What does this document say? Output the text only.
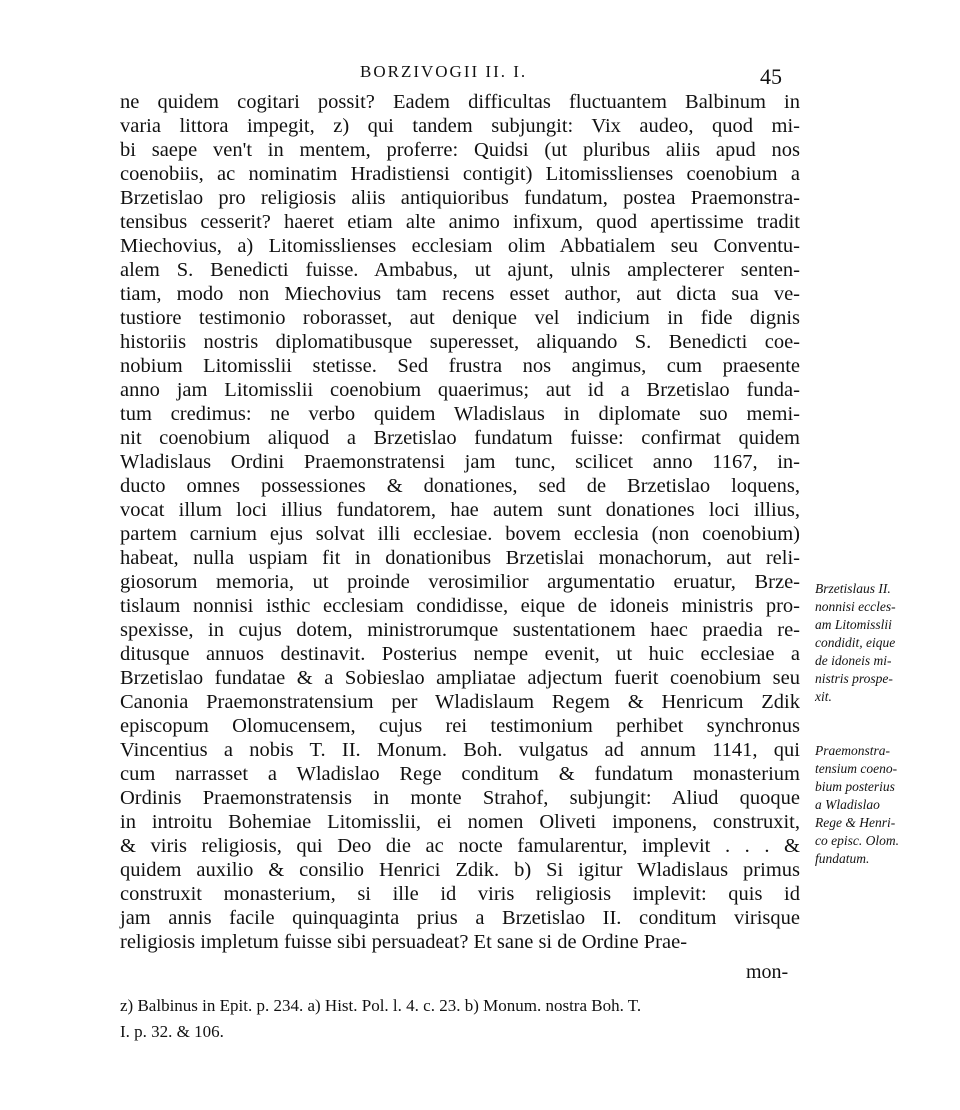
BORZIVOGII II. I.	45
ne quidem cogitari possit? Eadem difficultas fluctuantem Balbinum in
varia littora impegit, z) qui tandem subjungit: Vix audeo, quod mi-
bi saepe ven't in mentem, proferre: Quidsi (ut pluribus aliis apud nos
coenobiis, ac nominatim Hradistiensi contigit) Litomisslienses coenobium a
Brzetislao pro religiosis aliis antiquioribus fundatum, postea Praemonstra-
tensibus cesserit? haeret etiam alte animo infixum, quod apertissime tradit
Miechovius, a) Litomisslienses ecclesiam olim Abbatialem seu Conventu-
alem S. Benedicti fuisse. Ambabus, ut ajunt, ulnis amplecterer senten-
tiam, modo non Miechovius tam recens esset author, aut dicta sua ve-
tustiore testimonio roborasset, aut denique vel indicium in fide dignis
historiis nostris diplomatibusque superesset, aliquando S. Benedicti coe-
nobium Litomisslii stetisse. Sed frustra nos angimus, cum praesente
anno jam Litomisslii coenobium quaerimus; aut id a Brzetislao funda-
tum credimus: ne verbo quidem Wladislaus in diplomate suo memi-
nit coenobium aliquod a Brzetislao fundatum fuisse: confirmat quidem
Wladislaus Ordini Praemonstratensi jam tunc, scilicet anno 1167, in-
ducto omnes possessiones & donationes, sed de Brzetislao loquens,
vocat illum loci illius fundatorem, hae autem sunt donationes loci illius,
partem carnium ejus solvat illi ecclesiae. bovem ecclesia (non coenobium)
habeat, nulla uspiam fit in donationibus Brzetislai monachorum, aut reli-
giosorum memoria, ut proinde verosimilior argumentatio eruatur, Brze-
tislaum nonnisi isthic ecclesiam condidisse, eique de idoneis ministris pro-
spexisse, in cujus dotem, ministrorumque sustentationem haec praedia re-
ditusque annuos destinavit. Posterius nempe evenit, ut huic ecclesiae a
Brzetislao fundatae & a Sobieslao ampliatae adjectum fuerit coenobium seu
Canonia Praemonstratensium per Wladislaum Regem & Henricum Zdik
episcopum Olomucensem, cujus rei testimonium perhibet synchronus
Vincentius a nobis T. II. Monum. Boh. vulgatus ad annum 1141, qui
cum narrasset a Wladislao Rege conditum & fundatum monasterium
Ordinis Praemonstratensis in monte Strahof, subjungit: Aliud quoque
in introitu Bohemiae Litomisslii, ei nomen Oliveti imponens, construxit,
& viris religiosis, qui Deo die ac nocte famularentur, implevit . . . &
quidem auxilio & consilio Henrici Zdik. b) Si igitur Wladislaus primus
construxit monasterium, si ille id viris religiosis implevit: quis id
jam annis facile quinquaginta prius a Brzetislao II. conditum virisque
religiosis impletum fuisse sibi persuadeat? Et sane si de Ordine Prae-
mon-
Brzetislaus II.
nonnisi eccles-
am Litomisslii
condidit, eique
de idoneis mi-
nistris prospe-
xit.
Praemonstra-
tensium coeno-
bium posterius
a Wladislao
Rege & Henri-
co episc. Olom.
fundatum.
z) Balbinus in Epit. p. 234. a) Hist. Pol. l. 4. c. 23. b) Monum. nostra Boh. T.
I. p. 32. & 106.
